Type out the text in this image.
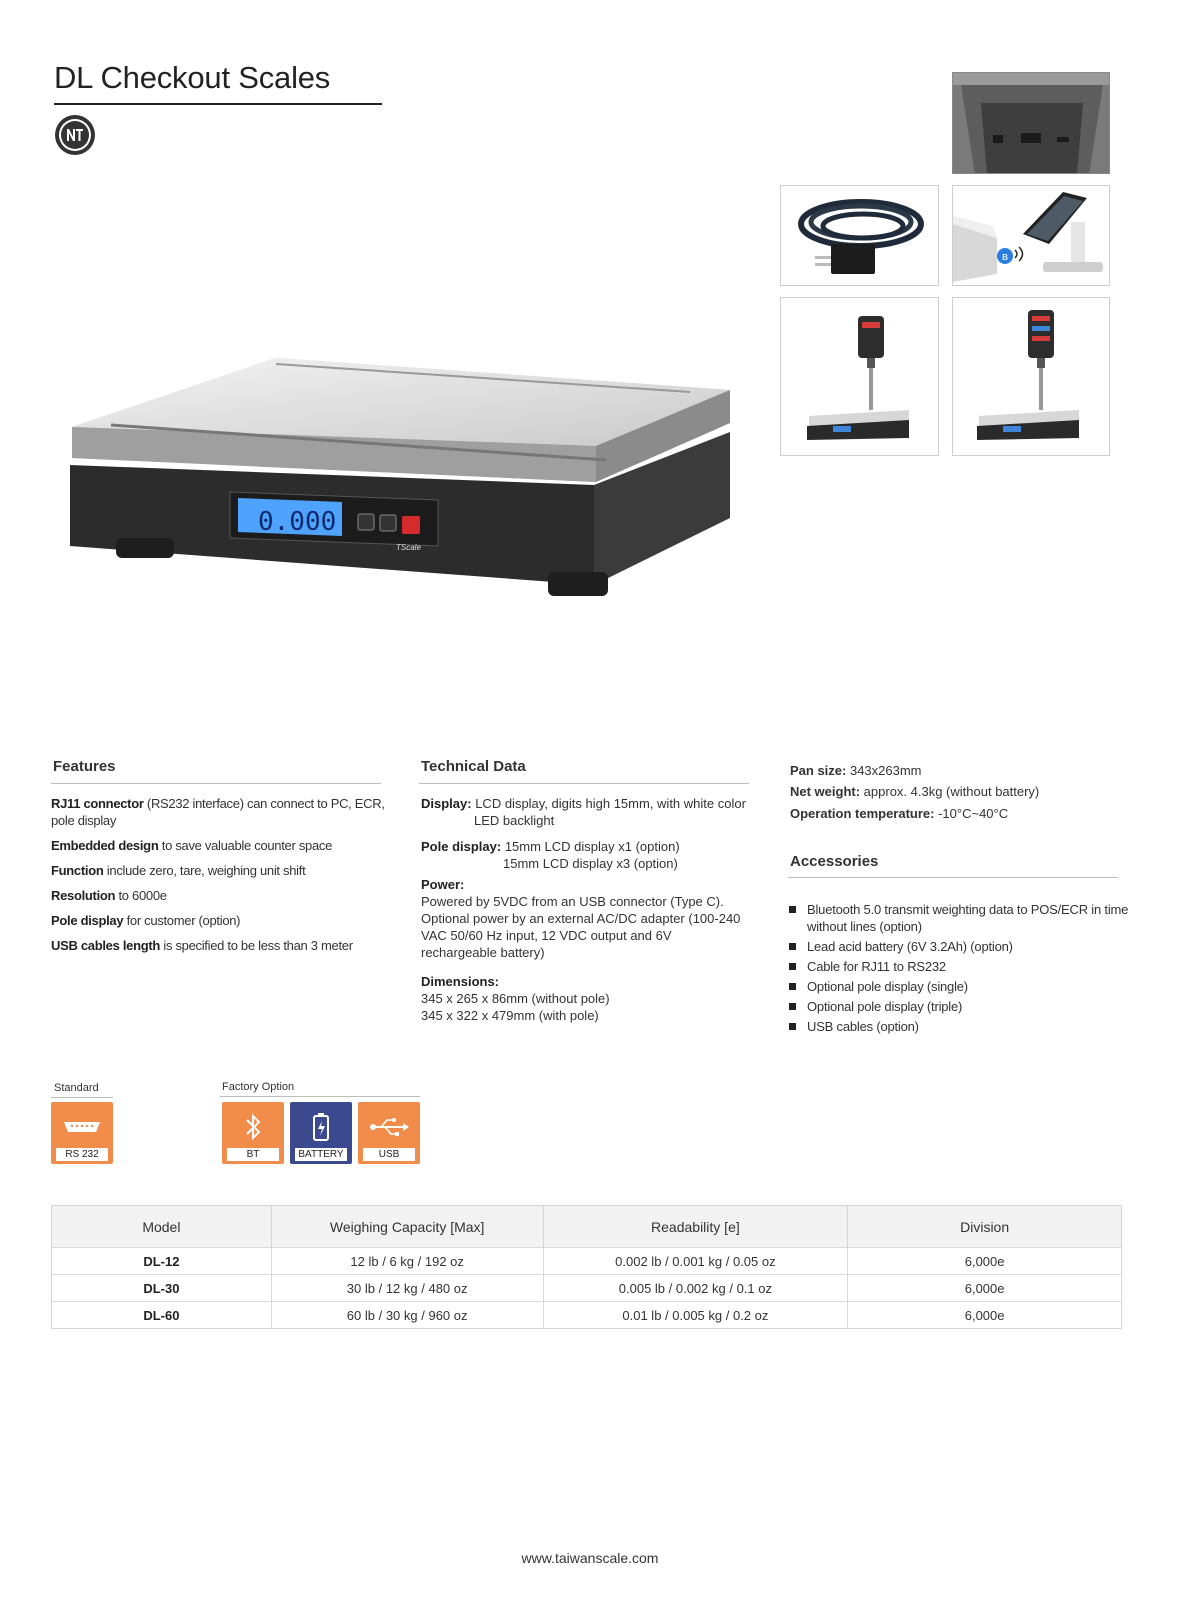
DL Checkout Scales
ʙ
0.000
TScale
Features
RJ11 connector (RS232 interface) can connect to PC, ECR, pole display
Embedded design to save valuable counter space
Function include zero, tare, weighing unit shift
Resolution to 6000e
Pole display for customer (option)
USB cables length is specified to be less than 3 meter
Technical Data
Display: LCD display, digits high 15mm, with white color
LED backlight
Pole display: 15mm LCD display x1 (option)
15mm LCD display x3 (option)
Power:
Powered by 5VDC from an USB connector (Type C). Optional power by an external AC/DC adapter (100-240 VAC 50/60 Hz input, 12 VDC output and 6V rechargeable battery)
Dimensions:
345 x 265 x 86mm (without pole)
345 x 322 x 479mm (with pole)
Pan size: 343x263mm
Net weight: approx. 4.3kg (without battery)
Operation temperature: -10°C~40°C
Accessories
Bluetooth 5.0 transmit weighting data to POS/ECR in time without lines (option)
Lead acid battery (6V 3.2Ah) (option)
Cable for RJ11 to RS232
Optional pole display (single)
Optional pole display (triple)
USB cables (option)
Standard	Factory Option
RS 232	BT	BATTERY	USB
Model	Weighing Capacity [Max]	Readability [e]	Division
DL-12	12 lb / 6 kg / 192 oz	0.002 lb / 0.001 kg / 0.05 oz	6,000e
DL-30	30 lb / 12 kg / 480 oz	0.005 lb / 0.002 kg / 0.1 oz	6,000e
DL-60	60 lb / 30 kg / 960 oz	0.01 lb / 0.005 kg / 0.2 oz	6,000e
www.taiwanscale.com
